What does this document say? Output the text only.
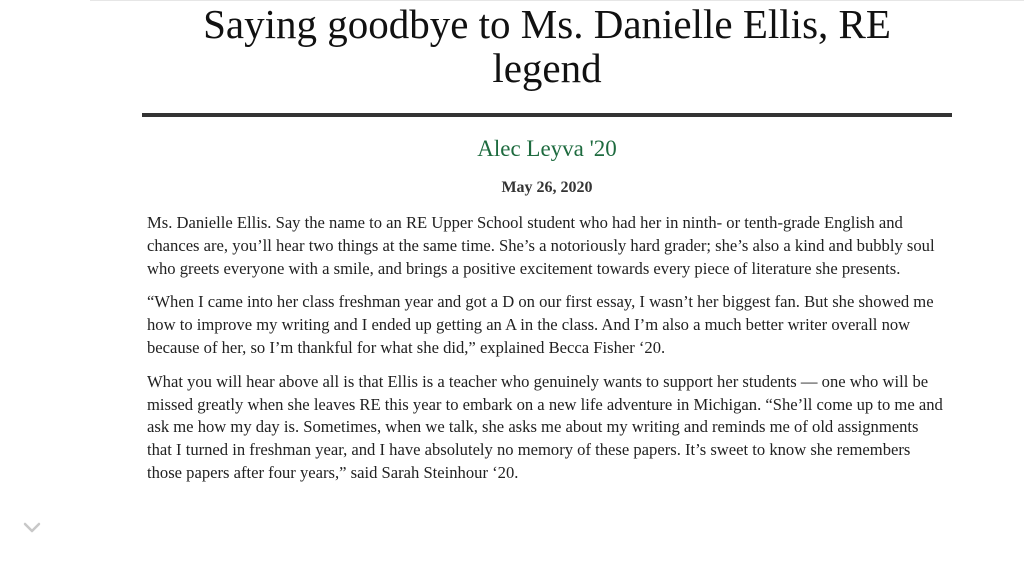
Saying goodbye to Ms. Danielle Ellis, RE legend
Alec Leyva '20
May 26, 2020

Ms. Danielle Ellis. Say the name to an RE Upper School student who had her in ninth- or tenth-grade English and chances are, you’ll hear two things at the same time. She’s a notoriously hard grader; she’s also a kind and bubbly soul who greets everyone with a smile, and brings a positive excitement towards every piece of literature she presents.

“When I came into her class freshman year and got a D on our first essay, I wasn’t her biggest fan. But she showed me how to improve my writing and I ended up getting an A in the class. And I’m also a much better writer overall now because of her, so I’m thankful for what she did,” explained Becca Fisher ‘20.

What you will hear above all is that Ellis is a teacher who genuinely wants to support her students — one who will be missed greatly when she leaves RE this year to embark on a new life adventure in Michigan. “She’ll come up to me and ask me how my day is. Sometimes, when we talk, she asks me about my writing and reminds me of old assignments that I turned in freshman year, and I have absolutely no memory of these papers. It’s sweet to know she remembers those papers after four years,” said Sarah Steinhour ‘20.
